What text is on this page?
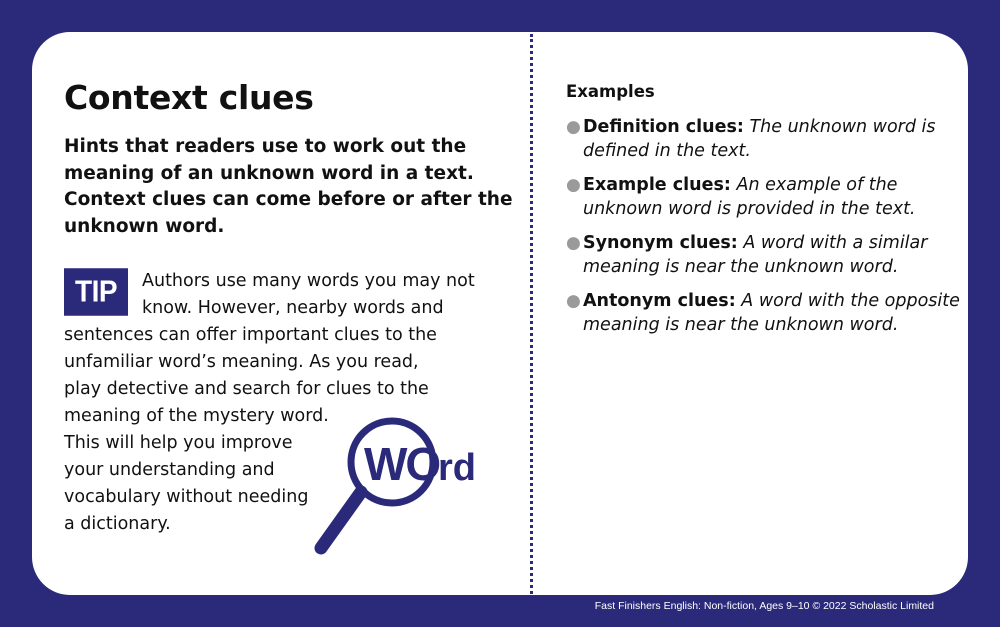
Context clues

Hints that readers use to work out the meaning of an unknown word in a text. Context clues can come before or after the unknown word.

TIP	Authors use many words you may not

know. However, nearby words and

sentences can offer important clues to the

unfamiliar word’s meaning. As you read,

play detective and search for clues to the

meaning of the mystery word.

This will help you improve

your understanding and

vocabulary without needing

a dictionary.

WO
rd
Examples
● Definition clues: The unknown word is defined in the text.
● Example clues: An example of the unknown word is provided in the text.
● Synonym clues: A word with a similar meaning is near the unknown word.
● Antonym clues: A word with the opposite meaning is near the unknown word.
Fast Finishers English: Non-fiction, Ages 9–10 © 2022 Scholastic Limited
